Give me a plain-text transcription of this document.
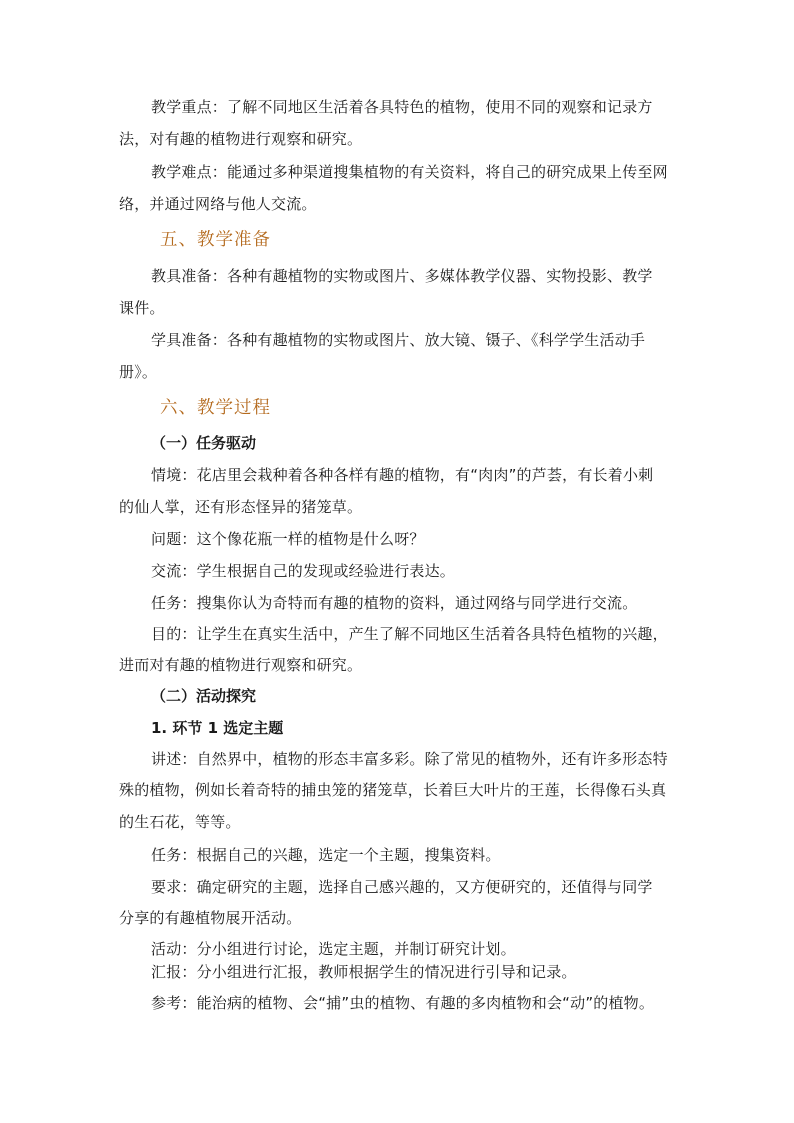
教学重点：了解不同地区生活着各具特色的植物，使用不同的观察和记录方
法，对有趣的植物进行观察和研究。
教学难点：能通过多种渠道搜集植物的有关资料，将自己的研究成果上传至网
络，并通过网络与他人交流。
五、教学准备
教具准备：各种有趣植物的实物或图片、多媒体教学仪器、实物投影、教学
课件。
学具准备：各种有趣植物的实物或图片、放大镜、镊子、《科学学生活动手
册》。
六、教学过程
（一）任务驱动
情境：花店里会栽种着各种各样有趣的植物，有“肉肉”的芦荟，有长着小刺
的仙人掌，还有形态怪异的猪笼草。
问题：这个像花瓶一样的植物是什么呀？
交流：学生根据自己的发现或经验进行表达。
任务：搜集你认为奇特而有趣的植物的资料，通过网络与同学进行交流。
目的：让学生在真实生活中，产生了解不同地区生活着各具特色植物的兴趣，
进而对有趣的植物进行观察和研究。
（二）活动探究
1. 环节 1 选定主题
讲述：自然界中，植物的形态丰富多彩。除了常见的植物外，还有许多形态特
殊的植物，例如长着奇特的捕虫笼的猪笼草，长着巨大叶片的王莲，长得像石头真
的生石花，等等。
任务：根据自己的兴趣，选定一个主题，搜集资料。
要求：确定研究的主题，选择自己感兴趣的，又方便研究的，还值得与同学
分享的有趣植物展开活动。
活动：分小组进行讨论，选定主题，并制订研究计划。
汇报：分小组进行汇报，教师根据学生的情况进行引导和记录。
参考：能治病的植物、会“捕”虫的植物、有趣的多肉植物和会“动”的植物。
